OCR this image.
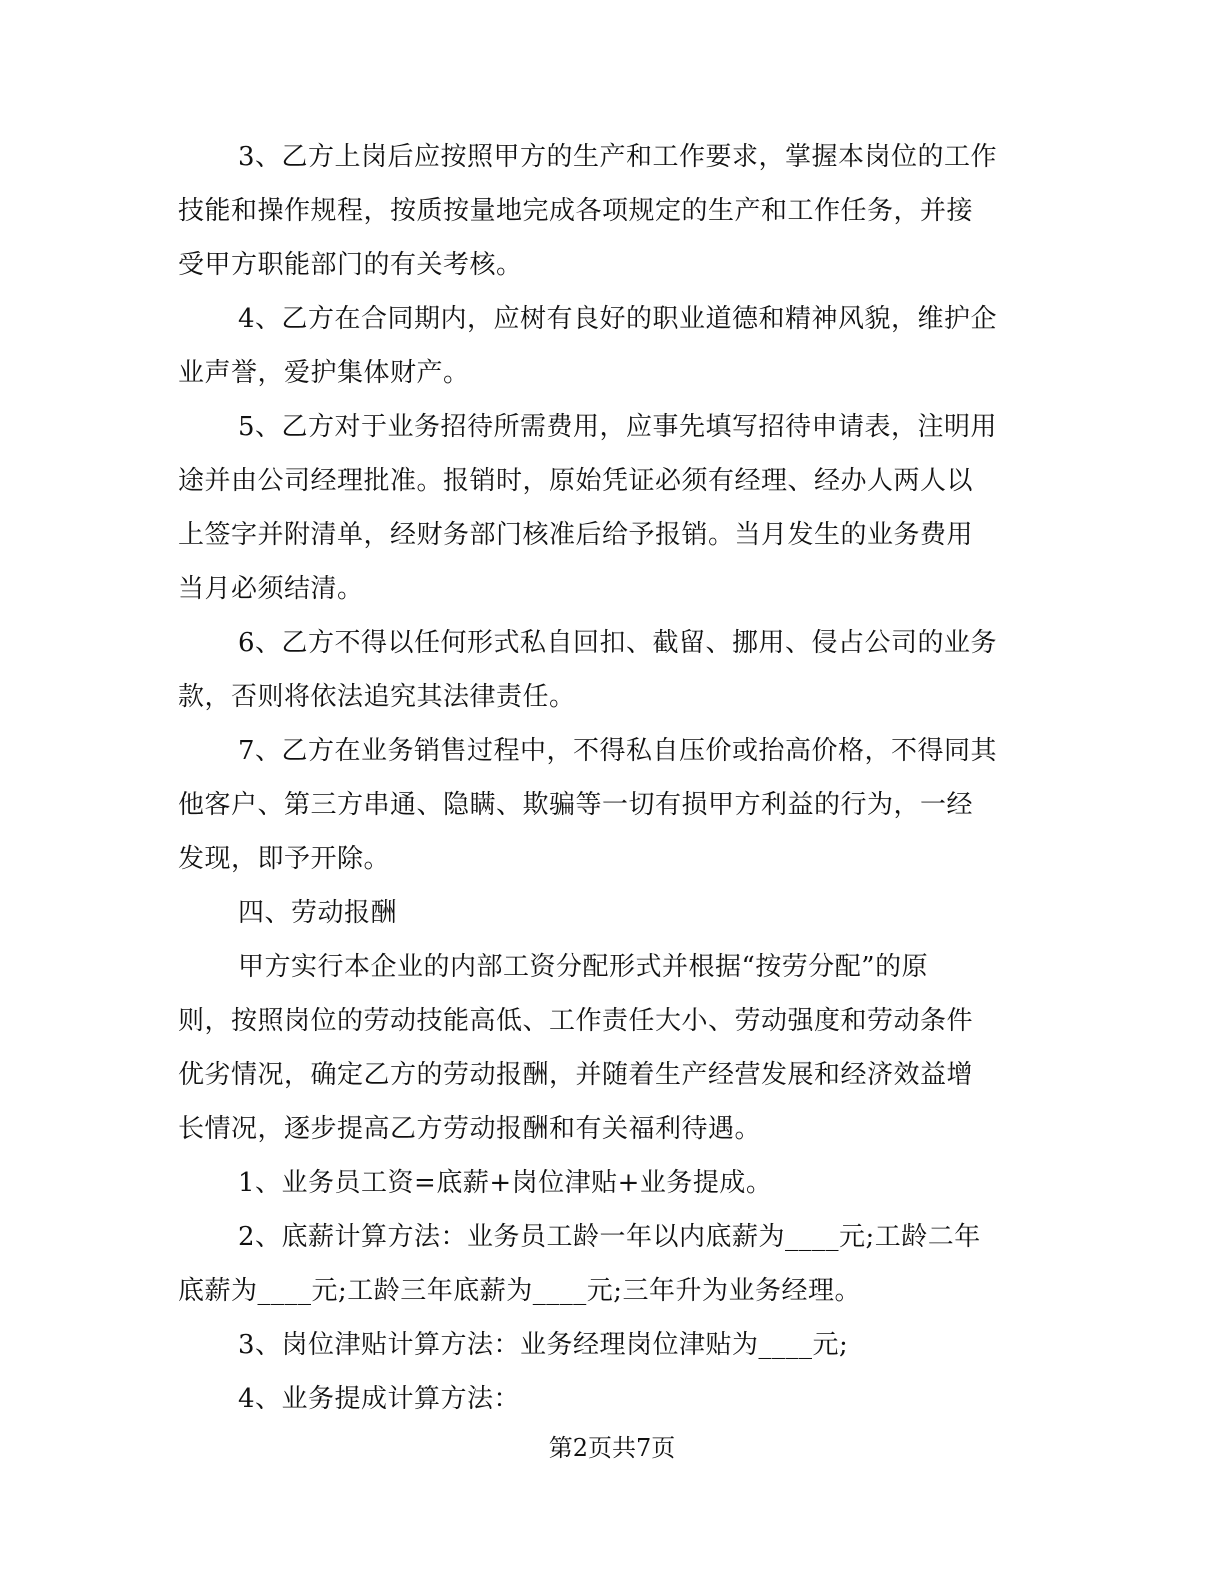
3、乙方上岗后应按照甲方的生产和工作要求，掌握本岗位的工作
技能和操作规程，按质按量地完成各项规定的生产和工作任务，并接
受甲方职能部门的有关考核。
4、乙方在合同期内，应树有良好的职业道德和精神风貌，维护企
业声誉，爱护集体财产。
5、乙方对于业务招待所需费用，应事先填写招待申请表，注明用
途并由公司经理批准。报销时，原始凭证必须有经理、经办人两人以
上签字并附清单，经财务部门核准后给予报销。当月发生的业务费用
当月必须结清。
6、乙方不得以任何形式私自回扣、截留、挪用、侵占公司的业务
款，否则将依法追究其法律责任。
7、乙方在业务销售过程中，不得私自压价或抬高价格，不得同其
他客户、第三方串通、隐瞒、欺骗等一切有损甲方利益的行为，一经
发现，即予开除。
四、劳动报酬
甲方实行本企业的内部工资分配形式并根据“按劳分配”的原
则，按照岗位的劳动技能高低、工作责任大小、劳动强度和劳动条件
优劣情况，确定乙方的劳动报酬，并随着生产经营发展和经济效益增
长情况，逐步提高乙方劳动报酬和有关福利待遇。
1、业务员工资=底薪+岗位津贴+业务提成。
2、底薪计算方法：业务员工龄一年以内底薪为____元;工龄二年
底薪为____元;工龄三年底薪为____元;三年升为业务经理。
3、岗位津贴计算方法：业务经理岗位津贴为____元;
4、业务提成计算方法：
第2页共7页
